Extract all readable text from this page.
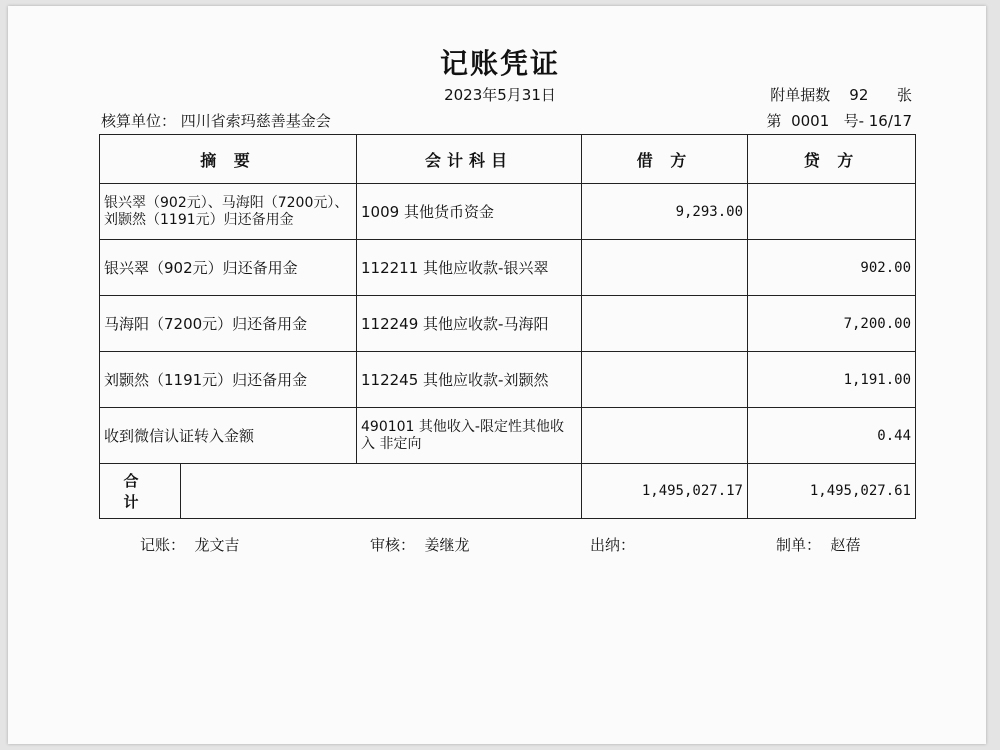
记账凭证
2023年5月31日	附单据数 92 张
核算单位： 四川省索玛慈善基金会	第 0001 号- 16/17
摘 要	会计科目	借 方	贷 方
银兴翠（902元）、马海阳（7200元）、刘颢然（1191元）归还备用金	1009 其他货币资金	9,293.00	
银兴翠（902元）归还备用金	112211 其他应收款-银兴翠		902.00
马海阳（7200元）归还备用金	112249 其他应收款-马海阳		7,200.00
刘颢然（1191元）归还备用金	112245 其他应收款-刘颢然		1,191.00
收到微信认证转入金额	490101 其他收入-限定性其他收入 非定向		0.44

合 计		1,495,027.17	1,495,027.61
记账：  龙文吉	审核：  姜继龙	出纳：	制单：  赵蓓
